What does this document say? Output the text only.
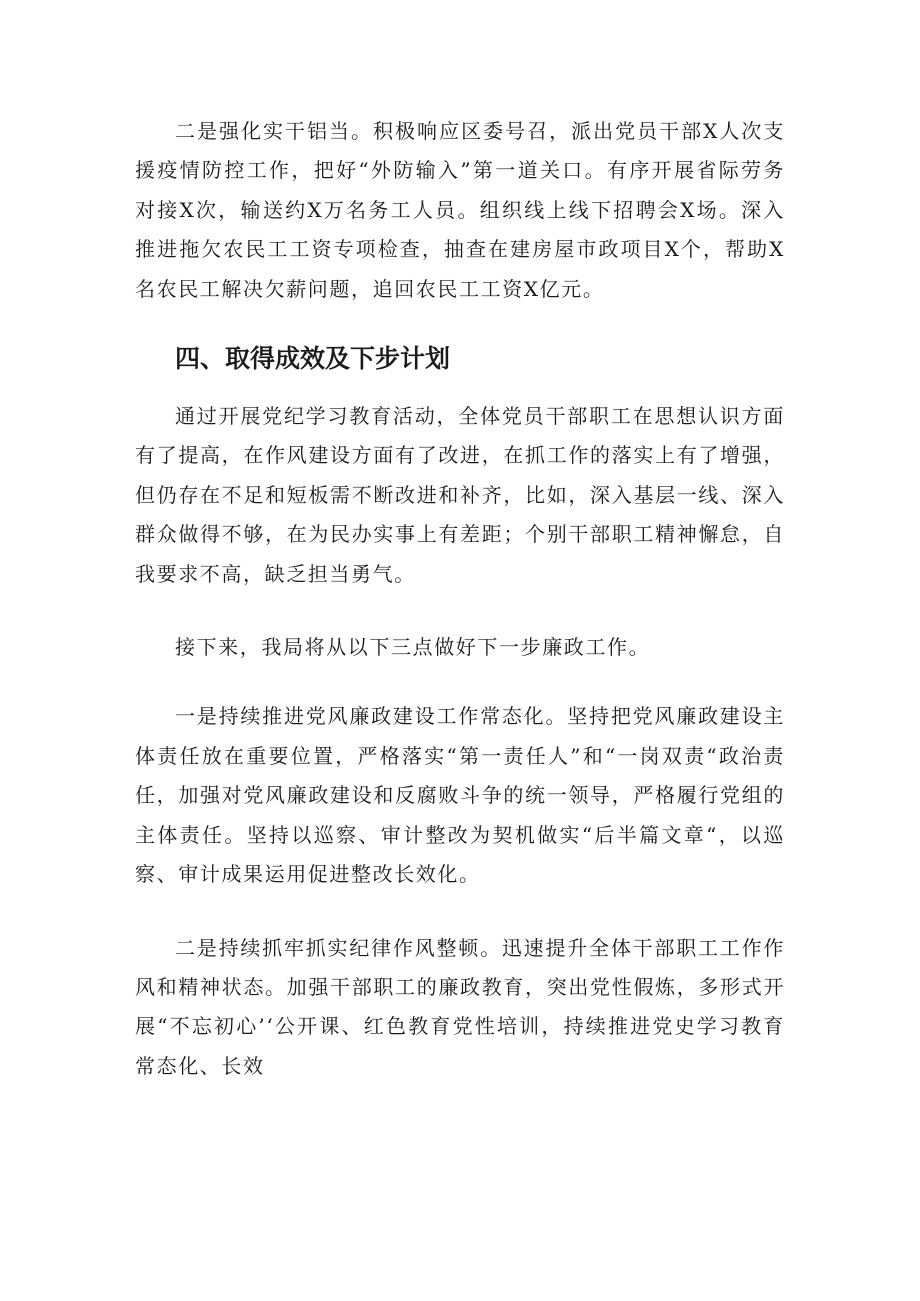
二是强化实干铝当。积极响应区委号召，派出党员干部X人次支援疫情防控工作，把好“外防输入”第一道关口。有序开展省际劳务对接X次，输送约X万名务工人员。组织线上线下招聘会X场。深入推进拖欠农民工工资专项检查，抽查在建房屋市政项目X个，帮助X名农民工解决欠薪问题，追回农民工工资X亿元。

四、取得成效及下步计划

通过开展党纪学习教育活动，全体党员干部职工在思想认识方面有了提高，在作风建设方面有了改进，在抓工作的落实上有了增强，但仍存在不足和短板需不断改进和补齐，比如，深入基层一线、深入群众做得不够，在为民办实事上有差距；个别干部职工精神懈怠，自我要求不高，缺乏担当勇气。

接下来，我局将从以下三点做好下一步廉政工作。

一是持续推进党风廉政建设工作常态化。坚持把党风廉政建设主体责任放在重要位置，严格落实“第一责任人”和“一岗双责“政治责任，加强对党风廉政建设和反腐败斗争的统一领导，严格履行党组的主体责任。坚持以巡察、审计整改为契机做实“后半篇文章“，以巡察、审计成果运用促进整改长效化。

二是持续抓牢抓实纪律作风整顿。迅速提升全体干部职工工作作风和精神状态。加强干部职工的廉政教育，突出党性假炼，多形式开展“不忘初心’‘公开课、红色教育党性培训，持续推进党史学习教育常态化、长效
